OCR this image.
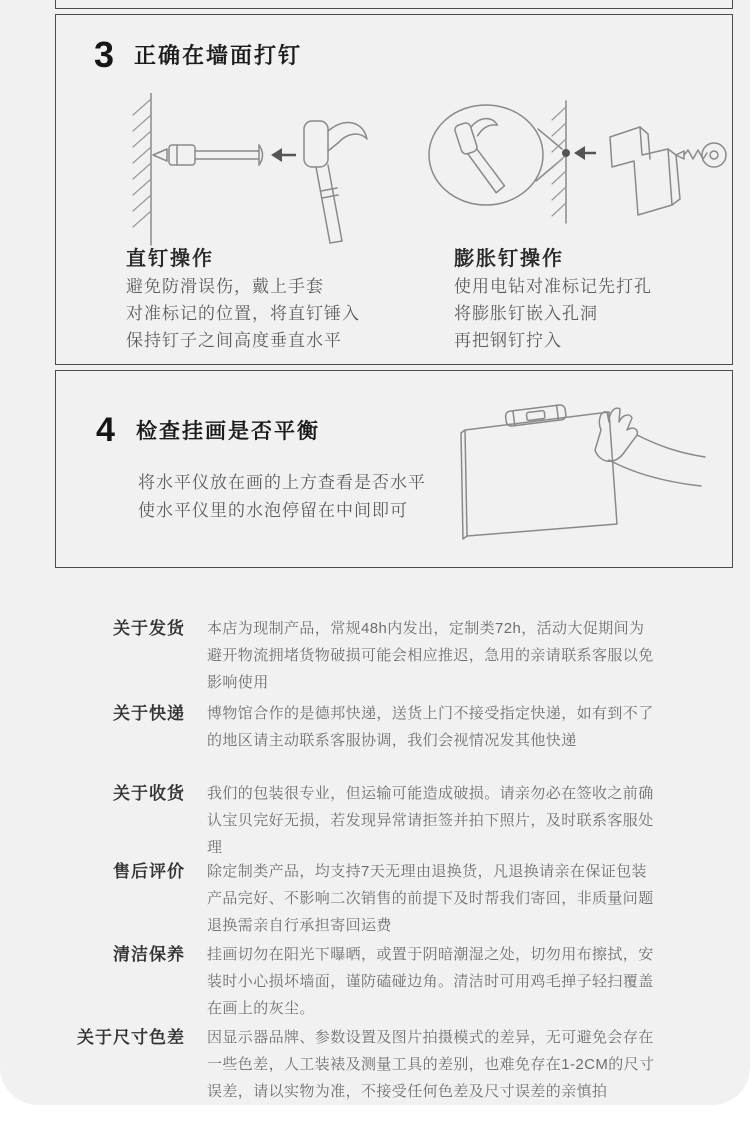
3 正确在墙面打钉
直钉操作
避免防滑误伤，戴上手套
对准标记的位置，将直钉锤入
保持钉子之间高度垂直水平
膨胀钉操作
使用电钻对准标记先打孔
将膨胀钉嵌入孔洞
再把钢钉拧入
4 检查挂画是否平衡
将水平仪放在画的上方查看是否水平
使水平仪里的水泡停留在中间即可
关于发货 本店为现制产品，常规48h内发出，定制类72h，活动大促期间为避开物流拥堵货物破损可能会相应推迟，急用的亲请联系客服以免影响使用
关于快递 博物馆合作的是德邦快递，送货上门不接受指定快递，如有到不了的地区请主动联系客服协调，我们会视情况发其他快递
关于收货 我们的包装很专业，但运输可能造成破损。请亲勿必在签收之前确认宝贝完好无损，若发现异常请拒签并拍下照片，及时联系客服处理
售后评价 除定制类产品，均支持7天无理由退换货，凡退换请亲在保证包装产品完好、不影响二次销售的前提下及时帮我们寄回，非质量问题退换需亲自行承担寄回运费
清洁保养 挂画切勿在阳光下曝晒，或置于阴暗潮湿之处，切勿用布擦拭，安装时小心损坏墙面，谨防磕碰边角。清洁时可用鸡毛掸子轻扫覆盖在画上的灰尘。
关于尺寸色差 因显示器品牌、参数设置及图片拍摄模式的差异，无可避免会存在一些色差，人工装裱及测量工具的差别，也难免存在1-2CM的尺寸误差，请以实物为准，不接受任何色差及尺寸误差的亲慎拍
